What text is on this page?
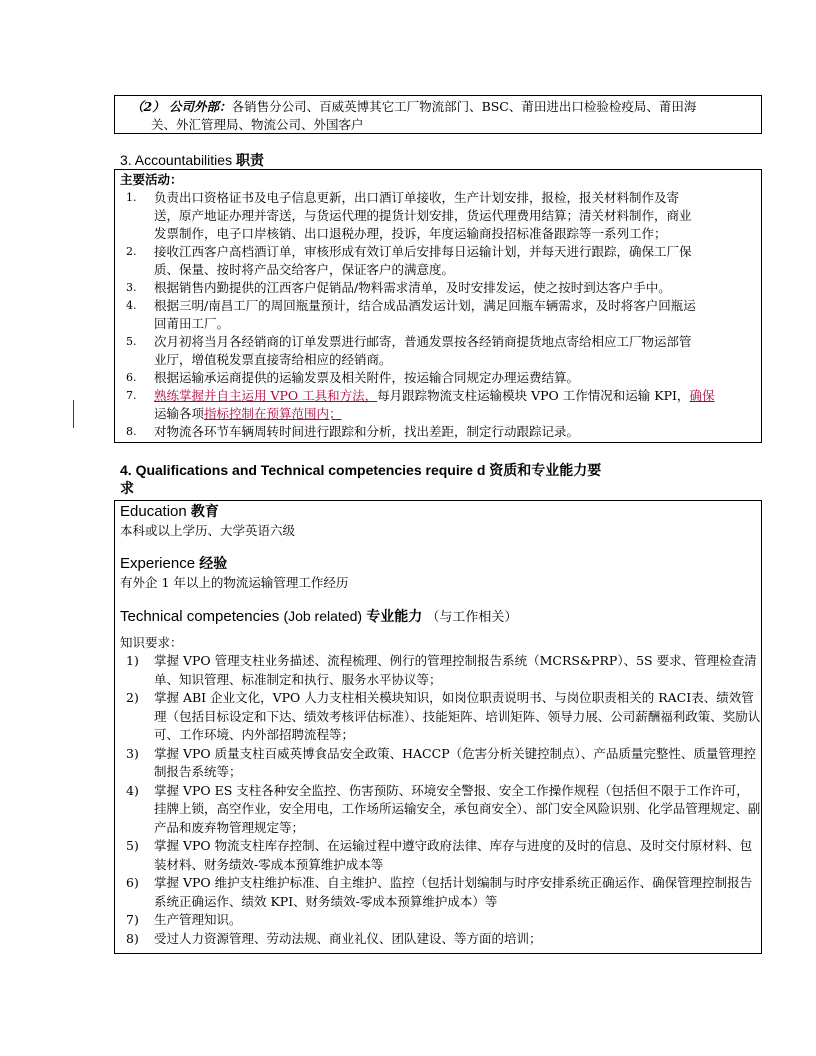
（2） 公司外部：各销售分公司、百威英博其它工厂物流部门、BSC、莆田进出口检验检疫局、莆田海
关、外汇管理局、物流公司、外国客户
3. Accountabilities 职责
主要活动：
1. 负责出口资格证书及电子信息更新，出口酒订单接收，生产计划安排，报检，报关材料制作及寄
送，原产地证办理并寄送，与货运代理的提货计划安排，货运代理费用结算；清关材料制作，商业
发票制作，电子口岸核销、出口退税办理，投诉，年度运输商投招标准备跟踪等一系列工作；
2. 接收江西客户高档酒订单，审核形成有效订单后安排每日运输计划，并每天进行跟踪，确保工厂保
质、保量、按时将产品交给客户，保证客户的满意度。
3. 根据销售内勤提供的江西客户促销品/物料需求清单，及时安排发运，使之按时到达客户手中。
4. 根据三明/南昌工厂的周回瓶量预计，结合成品酒发运计划，满足回瓶车辆需求，及时将客户回瓶运
回莆田工厂。
5. 次月初将当月各经销商的订单发票进行邮寄，普通发票按各经销商提货地点寄给相应工厂物运部管
业厅，增值税发票直接寄给相应的经销商。
6. 根据运输承运商提供的运输发票及相关附件，按运输合同规定办理运费结算。
7. 熟练掌握并自主运用 VPO 工具和方法，每月跟踪物流支柱运输模块 VPO 工作情况和运输 KPI，确保
运输各项指标控制在预算范围内；
8. 对物流各环节车辆周转时间进行跟踪和分析，找出差距，制定行动跟踪记录。
4. Qualifications and Technical competencies require d 资质和专业能力要
求
Education 教育
本科或以上学历、大学英语六级
Experience 经验
有外企 1 年以上的物流运输管理工作经历
Technical competencies (Job related) 专业能力 （与工作相关）
知识要求：
1) 掌握 VPO 管理支柱业务描述、流程梳理、例行的管理控制报告系统（MCRS&PRP）、5S 要求、管理检查清单、知识管理、标准制定和执行、服务水平协议等；
2) 掌握 ABI 企业文化，VPO 人力支柱相关模块知识，如岗位职责说明书、与岗位职责相关的 RACI表、绩效管理（包括目标设定和下达、绩效考核评估标准）、技能矩阵、培训矩阵、领导力展、公司薪酬福利政策、奖励认可、工作环境、内外部招聘流程等；
3) 掌握 VPO 质量支柱百威英博食品安全政策、HACCP（危害分析关键控制点）、产品质量完整性、质量管理控制报告系统等；
4) 掌握 VPO ES 支柱各种安全监控、伤害预防、环境安全警报、安全工作操作规程（包括但不限于工作许可，挂牌上锁，高空作业，安全用电，工作场所运输安全，承包商安全）、部门安全风险识别、化学品管理规定、副产品和废弃物管理规定等；
5) 掌握 VPO 物流支柱库存控制、在运输过程中遵守政府法律、库存与进度的及时的信息、及时交付原材料、包装材料、财务绩效-零成本预算维护成本等
6) 掌握 VPO 维护支柱维护标准、自主维护、监控（包括计划编制与时序安排系统正确运作、确保管理控制报告系统正确运作、绩效 KPI、财务绩效-零成本预算维护成本）等
7) 生产管理知识。
8) 受过人力资源管理、劳动法规、商业礼仪、团队建设、等方面的培训；
